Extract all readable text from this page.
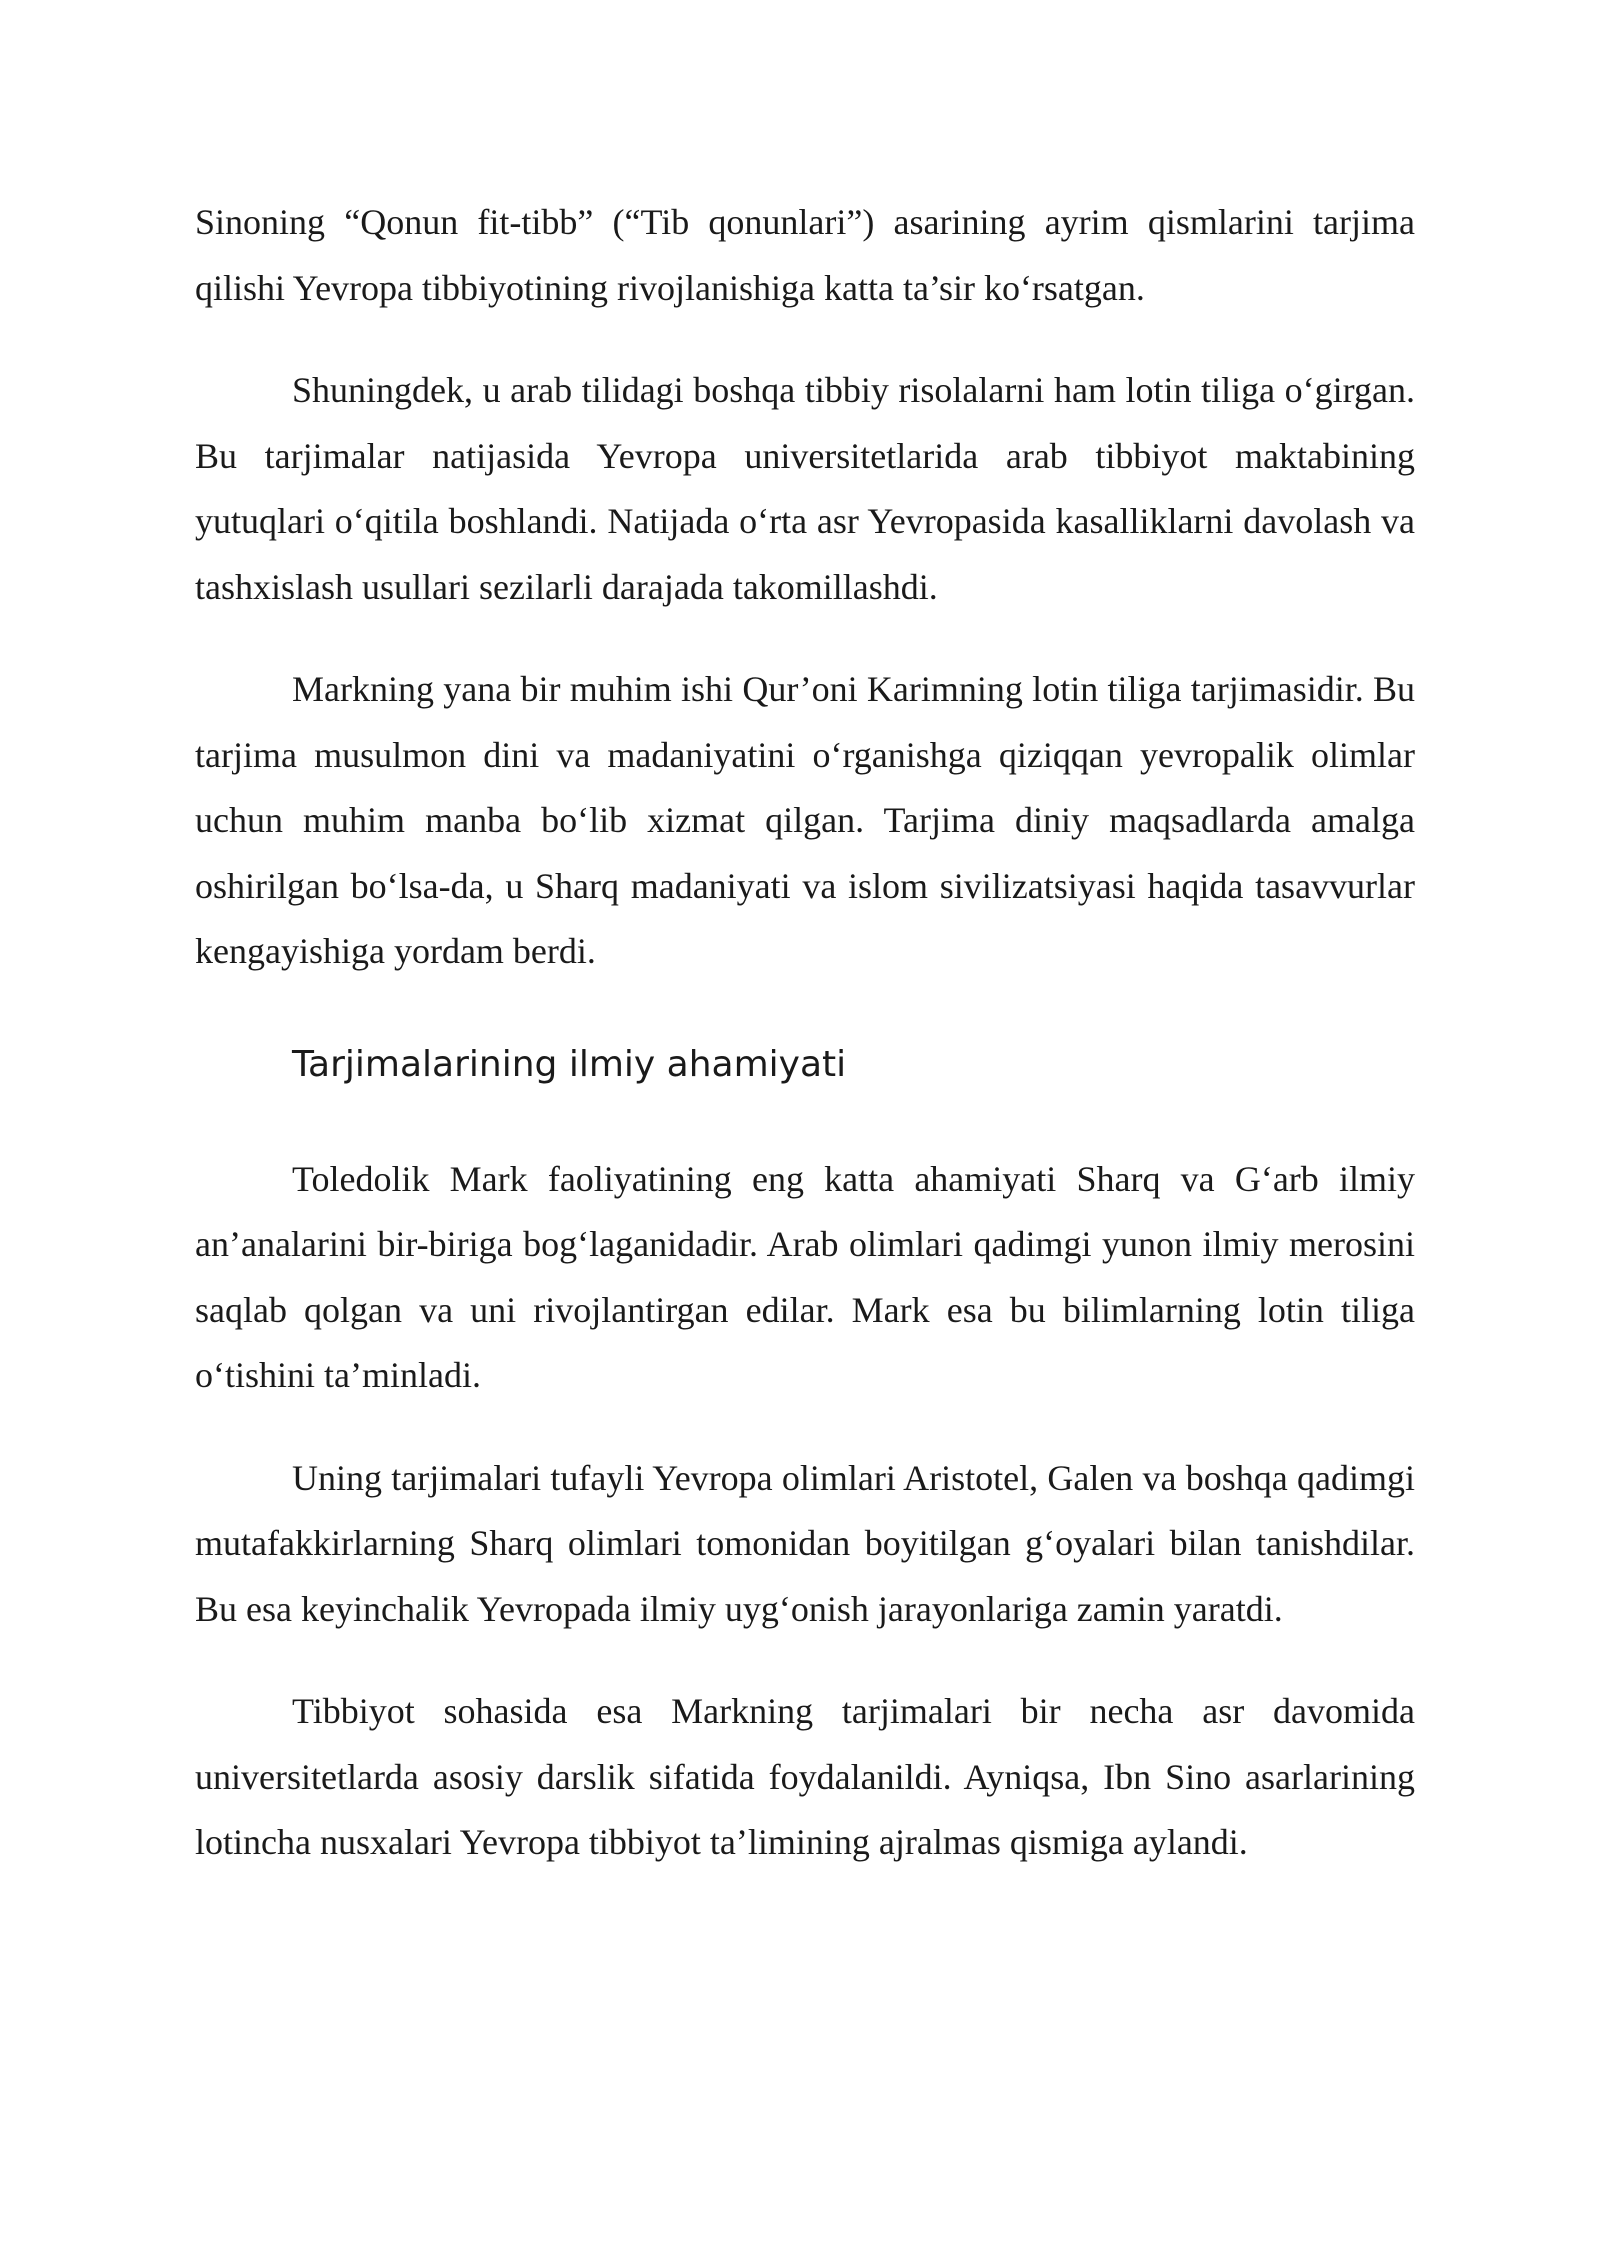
Sinoning “Qonun fit-tibb” (“Tib qonunlari”) asarining ayrim qismlarini tarjima qilishi Yevropa tibbiyotining rivojlanishiga katta ta’sir ko‘rsatgan.

Shuningdek, u arab tilidagi boshqa tibbiy risolalarni ham lotin tiliga o‘girgan. Bu tarjimalar natijasida Yevropa universitetlarida arab tibbiyot maktabining yutuqlari o‘qitila boshlandi. Natijada o‘rta asr Yevropasida kasalliklarni davolash va tashxislash usullari sezilarli darajada takomillashdi.

Markning yana bir muhim ishi Qur’oni Karimning lotin tiliga tarjimasidir. Bu tarjima musulmon dini va madaniyatini o‘rganishga qiziqqan yevropalik olimlar uchun muhim manba bo‘lib xizmat qilgan. Tarjima diniy maqsadlarda amalga oshirilgan bo‘lsa-da, u Sharq madaniyati va islom sivilizatsiyasi haqida tasavvurlar kengayishiga yordam berdi.

Tarjimalarining ilmiy ahamiyati

Toledolik Mark faoliyatining eng katta ahamiyati Sharq va G‘arb ilmiy an’analarini bir-biriga bog‘laganidadir. Arab olimlari qadimgi yunon ilmiy merosini saqlab qolgan va uni rivojlantirgan edilar. Mark esa bu bilimlarning lotin tiliga o‘tishini ta’minladi.

Uning tarjimalari tufayli Yevropa olimlari Aristotel, Galen va boshqa qadimgi mutafakkirlarning Sharq olimlari tomonidan boyitilgan g‘oyalari bilan tanishdilar. Bu esa keyinchalik Yevropada ilmiy uyg‘onish jarayonlariga zamin yaratdi.

Tibbiyot sohasida esa Markning tarjimalari bir necha asr davomida universitetlarda asosiy darslik sifatida foydalanildi. Ayniqsa, Ibn Sino asarlarining lotincha nusxalari Yevropa tibbiyot ta’limining ajralmas qismiga aylandi.
